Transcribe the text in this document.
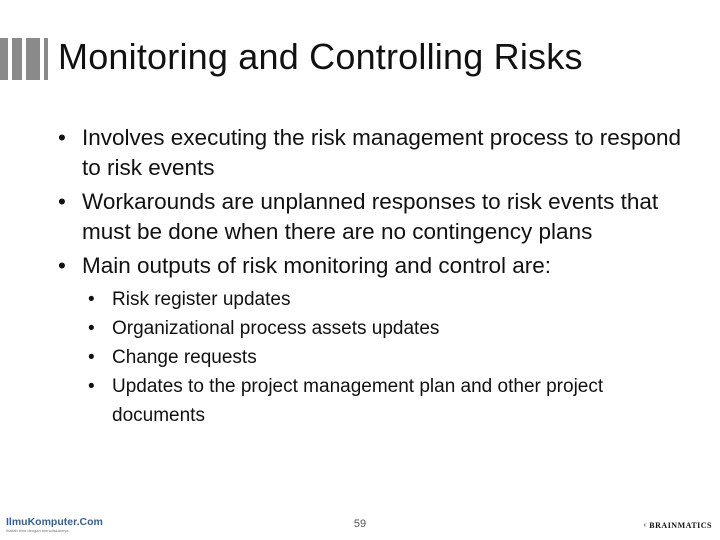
Monitoring and Controlling Risks
• Involves executing the risk management process to respond to risk events
• Workarounds are unplanned responses to risk events that must be done when there are no contingency plans
• Main outputs of risk monitoring and control are:
• Risk register updates
• Organizational process assets updates
• Change requests
• Updates to the project management plan and other project documents
IlmuKomputer.Com
Ikatlah ilmu dengan menuliskannya
59	BRAINMATICS
